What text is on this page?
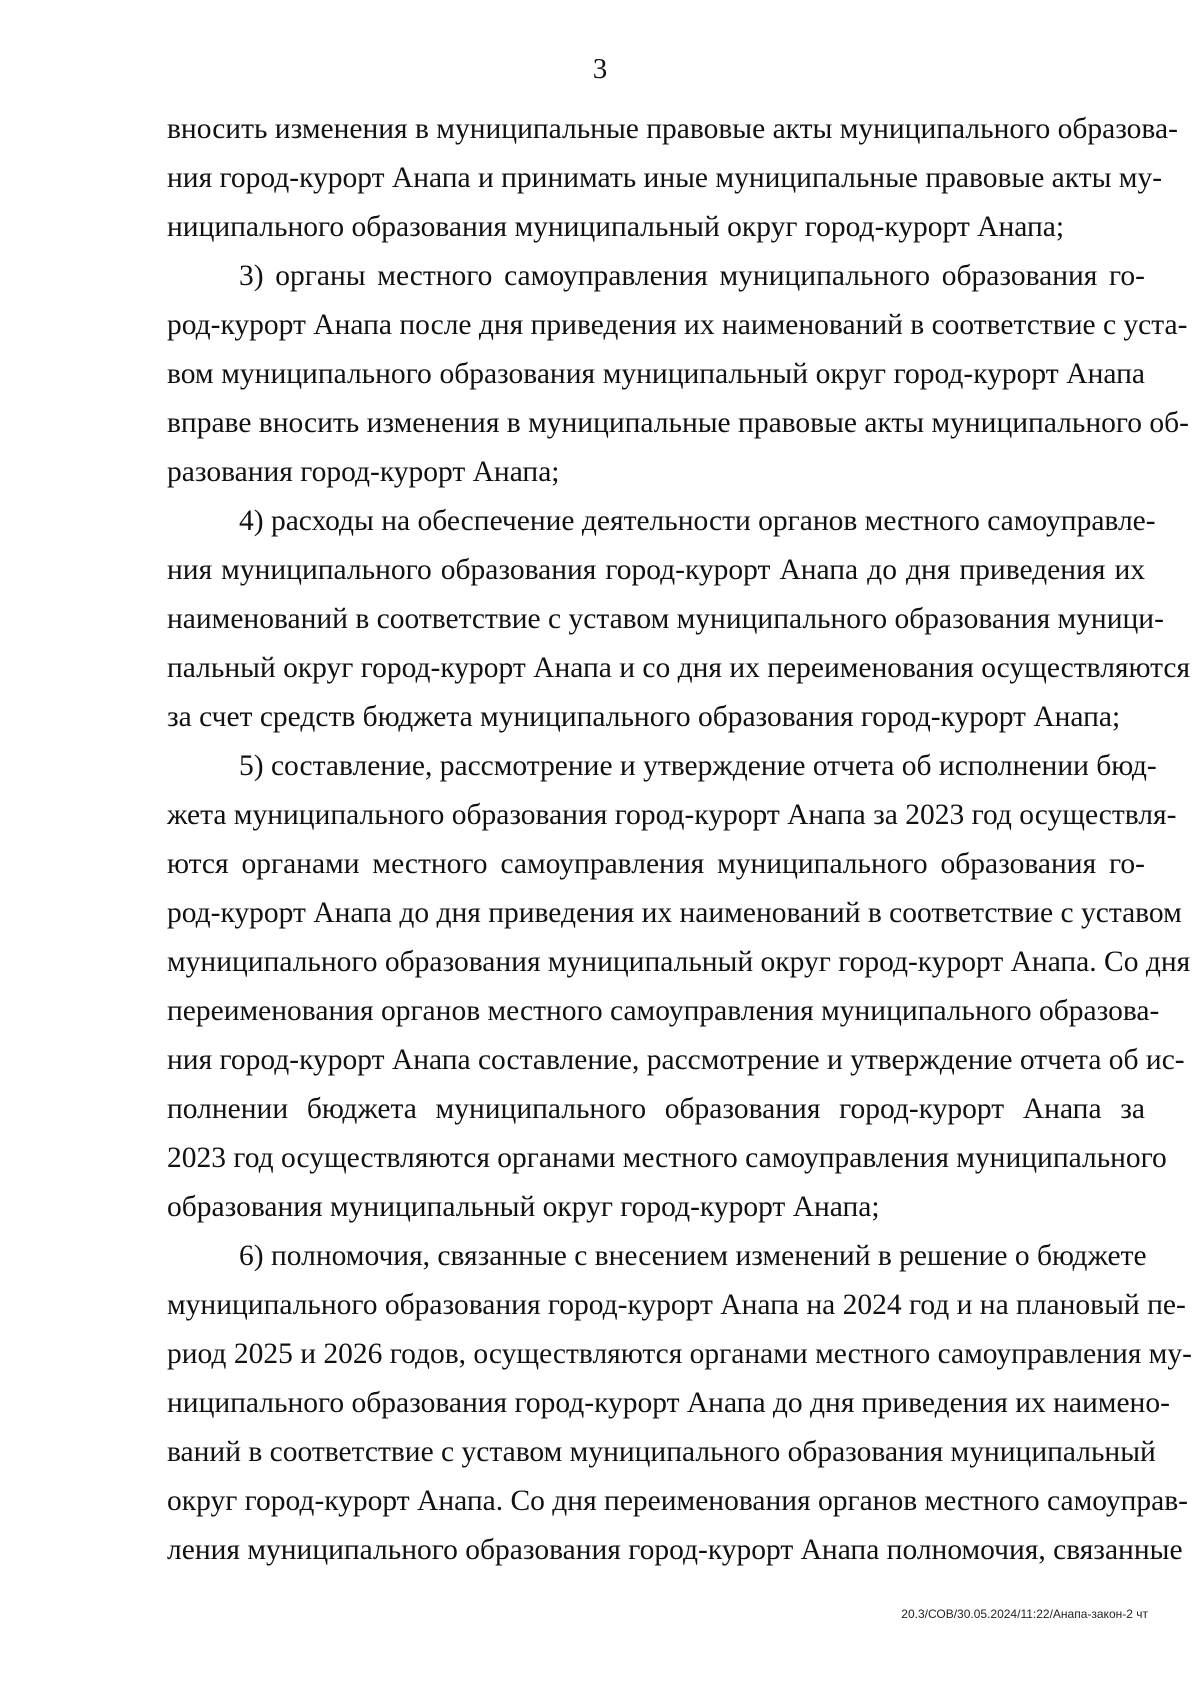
3

вносить изменения в муниципальные правовые акты муниципального образова-
ния город-курорт Анапа и принимать иные муниципальные правовые акты му-
ниципального образования муниципальный округ город-курорт Анапа;

3) органы местного самоуправления муниципального образования го-
род-курорт Анапа после дня приведения их наименований в соответствие с уста-
вом муниципального образования муниципальный округ город-курорт Анапа
вправе вносить изменения в муниципальные правовые акты муниципального об-
разования город-курорт Анапа;

4) расходы на обеспечение деятельности органов местного самоуправле-
ния муниципального образования город-курорт Анапа до дня приведения их
наименований в соответствие с уставом муниципального образования муници-
пальный округ город-курорт Анапа и со дня их переименования осуществляются
за счет средств бюджета муниципального образования город-курорт Анапа;

5) составление, рассмотрение и утверждение отчета об исполнении бюд-
жета муниципального образования город-курорт Анапа за 2023 год осуществля-
ются органами местного самоуправления муниципального образования го-
род-курорт Анапа до дня приведения их наименований в соответствие с уставом
муниципального образования муниципальный округ город-курорт Анапа. Со дня
переименования органов местного самоуправления муниципального образова-
ния город-курорт Анапа составление, рассмотрение и утверждение отчета об ис-
полнении бюджета муниципального образования город-курорт Анапа за
2023 год осуществляются органами местного самоуправления муниципального
образования муниципальный округ город-курорт Анапа;

6) полномочия, связанные с внесением изменений в решение о бюджете
муниципального образования город-курорт Анапа на 2024 год и на плановый пе-
риод 2025 и 2026 годов, осуществляются органами местного самоуправления му-
ниципального образования город-курорт Анапа до дня приведения их наимено-
ваний в соответствие с уставом муниципального образования муниципальный
округ город-курорт Анапа. Со дня переименования органов местного самоуправ-
ления муниципального образования город-курорт Анапа полномочия, связанные

20.3/СОВ/30.05.2024/11:22/Анапа-закон-2 чт
